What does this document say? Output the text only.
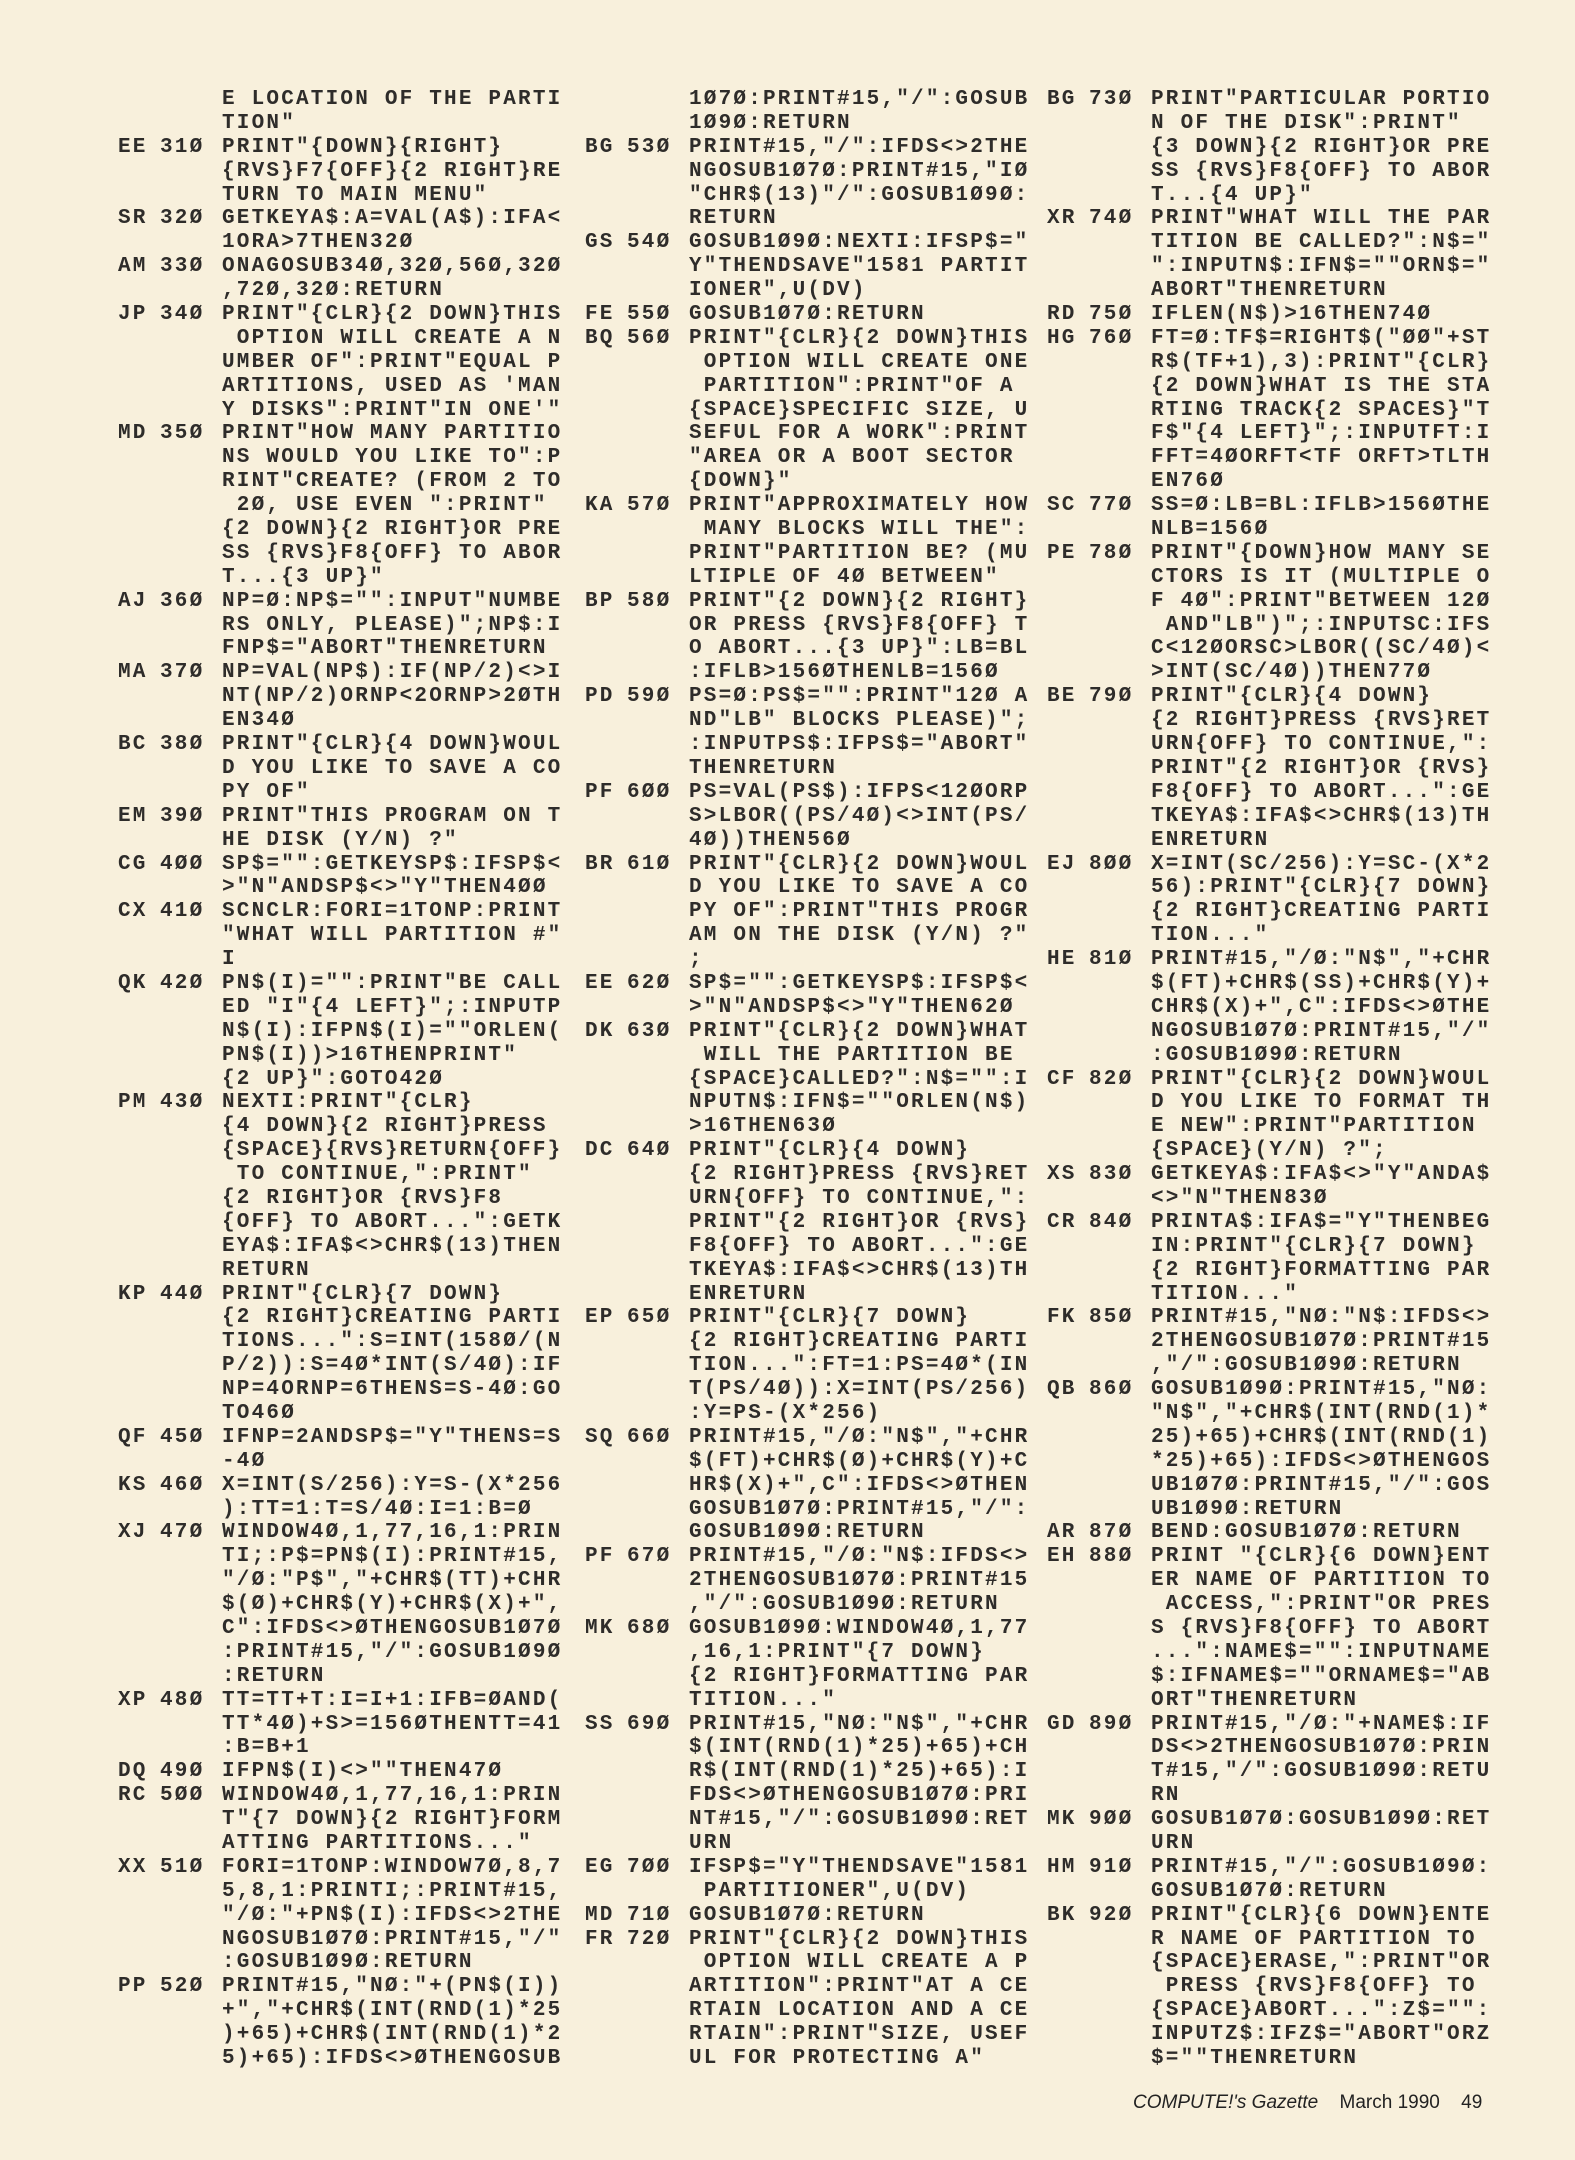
E LOCATION OF THE PARTI
TION"
EE 31Ø PRINT"{DOWN}{RIGHT}
{RVS}F7{OFF}{2 RIGHT}RE
TURN TO MAIN MENU"
SR 32Ø GETKEYA$:A=VAL(A$):IFA<
1ORA>7THEN32Ø
AM 33Ø ONAGOSUB34Ø,32Ø,56Ø,32Ø
,72Ø,32Ø:RETURN
JP 34Ø PRINT"{CLR}{2 DOWN}THIS
OPTION WILL CREATE A N
UMBER OF":PRINT"EQUAL P
ARTITIONS, USED AS 'MAN
Y DISKS":PRINT"IN ONE'"
MD 35Ø PRINT"HOW MANY PARTITIO
NS WOULD YOU LIKE TO":P
RINT"CREATE? (FROM 2 TO
2Ø, USE EVEN ":PRINT"
{2 DOWN}{2 RIGHT}OR PRE
SS {RVS}F8{OFF} TO ABOR
T...{3 UP}"
AJ 36Ø NP=Ø:NP$="":INPUT"NUMBE
RS ONLY, PLEASE)";NP$:I
FNP$="ABORT"THENRETURN
MA 37Ø NP=VAL(NP$):IF(NP/2)<>I
NT(NP/2)ORNP<2ORNP>2ØTH
EN34Ø
BC 38Ø PRINT"{CLR}{4 DOWN}WOUL
D YOU LIKE TO SAVE A CO
PY OF"
EM 39Ø PRINT"THIS PROGRAM ON T
HE DISK (Y/N) ?"
CG 4ØØ SP$="":GETKEYSP$:IFSP$<
>"N"ANDSP$<>"Y"THEN4ØØ
CX 41Ø SCNCLR:FORI=1TONP:PRINT
"WHAT WILL PARTITION #"
I
QK 42Ø PN$(I)="":PRINT"BE CALL
ED "I"{4 LEFT}";:INPUTP
N$(I):IFPN$(I)=""ORLEN(
PN$(I))>16THENPRINT"
{2 UP}":GOTO42Ø
PM 43Ø NEXTI:PRINT"{CLR}
{4 DOWN}{2 RIGHT}PRESS
{SPACE}{RVS}RETURN{OFF}
TO CONTINUE,":PRINT"
{2 RIGHT}OR {RVS}F8
{OFF} TO ABORT...":GETK
EYA$:IFA$<>CHR$(13)THEN
RETURN
KP 44Ø PRINT"{CLR}{7 DOWN}
{2 RIGHT}CREATING PARTI
TIONS...":S=INT(158Ø/(N
P/2)):S=4Ø*INT(S/4Ø):IF
NP=4ORNP=6THENS=S-4Ø:GO
TO46Ø
QF 45Ø IFNP=2ANDSP$="Y"THENS=S
-4Ø
KS 46Ø X=INT(S/256):Y=S-(X*256
):TT=1:T=S/4Ø:I=1:B=Ø
XJ 47Ø WINDOW4Ø,1,77,16,1:PRIN
TI;:P$=PN$(I):PRINT#15,
"/Ø:"P$","+CHR$(TT)+CHR
$(Ø)+CHR$(Y)+CHR$(X)+",
C":IFDS<>ØTHENGOSUB1Ø7Ø
:PRINT#15,"/":GOSUB1Ø9Ø
:RETURN
XP 48Ø TT=TT+T:I=I+1:IFB=ØAND(
TT*4Ø)+S>=156ØTHENTT=41
:B=B+1
DQ 49Ø IFPN$(I)<>""THEN47Ø
RC 5ØØ WINDOW4Ø,1,77,16,1:PRIN
T"{7 DOWN}{2 RIGHT}FORM
ATTING PARTITIONS..."
XX 51Ø FORI=1TONP:WINDOW7Ø,8,7
5,8,1:PRINTI;:PRINT#15,
"/Ø:"+PN$(I):IFDS<>2THE
NGOSUB1Ø7Ø:PRINT#15,"/"
:GOSUB1Ø9Ø:RETURN
PP 52Ø PRINT#15,"NØ:"+(PN$(I))
+","+CHR$(INT(RND(1)*25
)+65)+CHR$(INT(RND(1)*2
5)+65):IFDS<>ØTHENGOSUB
1Ø7Ø:PRINT#15,"/":GOSUB
1Ø9Ø:RETURN
BG 53Ø PRINT#15,"/":IFDS<>2THE
NGOSUB1Ø7Ø:PRINT#15,"IØ
"CHR$(13)"/":GOSUB1Ø9Ø:
RETURN
GS 54Ø GOSUB1Ø9Ø:NEXTI:IFSP$="
Y"THENDSAVE"1581 PARTIT
IONER",U(DV)
FE 55Ø GOSUB1Ø7Ø:RETURN
BQ 56Ø PRINT"{CLR}{2 DOWN}THIS
OPTION WILL CREATE ONE
PARTITION":PRINT"OF A
{SPACE}SPECIFIC SIZE, U
SEFUL FOR A WORK":PRINT
"AREA OR A BOOT SECTOR
{DOWN}"
KA 57Ø PRINT"APPROXIMATELY HOW
MANY BLOCKS WILL THE":
PRINT"PARTITION BE? (MU
LTIPLE OF 4Ø BETWEEN"
BP 58Ø PRINT"{2 DOWN}{2 RIGHT}
OR PRESS {RVS}F8{OFF} T
O ABORT...{3 UP}":LB=BL
:IFLB>156ØTHENLB=156Ø
PD 59Ø PS=Ø:PS$="":PRINT"12Ø A
ND"LB" BLOCKS PLEASE)";
:INPUTPS$:IFPS$="ABORT"
THENRETURN
PF 6ØØ PS=VAL(PS$):IFPS<12ØORP
S>LBOR((PS/4Ø)<>INT(PS/
4Ø))THEN56Ø
BR 61Ø PRINT"{CLR}{2 DOWN}WOUL
D YOU LIKE TO SAVE A CO
PY OF":PRINT"THIS PROGR
AM ON THE DISK (Y/N) ?"
;
EE 62Ø SP$="":GETKEYSP$:IFSP$<
>"N"ANDSP$<>"Y"THEN62Ø
DK 63Ø PRINT"{CLR}{2 DOWN}WHAT
WILL THE PARTITION BE
{SPACE}CALLED?":N$="":I
NPUTN$:IFN$=""ORLEN(N$)
>16THEN63Ø
DC 64Ø PRINT"{CLR}{4 DOWN}
{2 RIGHT}PRESS {RVS}RET
URN{OFF} TO CONTINUE,":
PRINT"{2 RIGHT}OR {RVS}
F8{OFF} TO ABORT...":GE
TKEYA$:IFA$<>CHR$(13)TH
ENRETURN
EP 65Ø PRINT"{CLR}{7 DOWN}
{2 RIGHT}CREATING PARTI
TION...":FT=1:PS=4Ø*(IN
T(PS/4Ø)):X=INT(PS/256)
:Y=PS-(X*256)
SQ 66Ø PRINT#15,"/Ø:"N$","+CHR
$(FT)+CHR$(Ø)+CHR$(Y)+C
HR$(X)+",C":IFDS<>ØTHEN
GOSUB1Ø7Ø:PRINT#15,"/":
GOSUB1Ø9Ø:RETURN
PF 67Ø PRINT#15,"/Ø:"N$:IFDS<>
2THENGOSUB1Ø7Ø:PRINT#15
,"/":GOSUB1Ø9Ø:RETURN
MK 68Ø GOSUB1Ø9Ø:WINDOW4Ø,1,77
,16,1:PRINT"{7 DOWN}
{2 RIGHT}FORMATTING PAR
TITION..."
SS 69Ø PRINT#15,"NØ:"N$","+CHR
$(INT(RND(1)*25)+65)+CH
R$(INT(RND(1)*25)+65):I
FDS<>ØTHENGOSUB1Ø7Ø:PRI
NT#15,"/":GOSUB1Ø9Ø:RET
URN
EG 7ØØ IFSP$="Y"THENDSAVE"1581
PARTITIONER",U(DV)
MD 71Ø GOSUB1Ø7Ø:RETURN
FR 72Ø PRINT"{CLR}{2 DOWN}THIS
OPTION WILL CREATE A P
ARTITION":PRINT"AT A CE
RTAIN LOCATION AND A CE
RTAIN":PRINT"SIZE, USEF
UL FOR PROTECTING A"
BG 73Ø PRINT"PARTICULAR PORTIO
N OF THE DISK":PRINT"
{3 DOWN}{2 RIGHT}OR PRE
SS {RVS}F8{OFF} TO ABOR
T...{4 UP}"
XR 74Ø PRINT"WHAT WILL THE PAR
TITION BE CALLED?":N$="
":INPUTN$:IFN$=""ORN$="
ABORT"THENRETURN
RD 75Ø IFLEN(N$)>16THEN74Ø
HG 76Ø FT=Ø:TF$=RIGHT$("ØØ"+ST
R$(TF+1),3):PRINT"{CLR}
{2 DOWN}WHAT IS THE STA
RTING TRACK{2 SPACES}"T
F$"{4 LEFT}";:INPUTFT:I
FFT=4ØORFT<TF ORFT>TLTH
EN76Ø
SC 77Ø SS=Ø:LB=BL:IFLB>156ØTHE
NLB=156Ø
PE 78Ø PRINT"{DOWN}HOW MANY SE
CTORS IS IT (MULTIPLE O
F 4Ø":PRINT"BETWEEN 12Ø
AND"LB")";:INPUTSC:IFS
C<12ØORSC>LBOR((SC/4Ø)<
>INT(SC/4Ø))THEN77Ø
BE 79Ø PRINT"{CLR}{4 DOWN}
{2 RIGHT}PRESS {RVS}RET
URN{OFF} TO CONTINUE,":
PRINT"{2 RIGHT}OR {RVS}
F8{OFF} TO ABORT...":GE
TKEYA$:IFA$<>CHR$(13)TH
ENRETURN
EJ 8ØØ X=INT(SC/256):Y=SC-(X*2
56):PRINT"{CLR}{7 DOWN}
{2 RIGHT}CREATING PARTI
TION..."
HE 81Ø PRINT#15,"/Ø:"N$","+CHR
$(FT)+CHR$(SS)+CHR$(Y)+
CHR$(X)+",C":IFDS<>ØTHE
NGOSUB1Ø7Ø:PRINT#15,"/"
:GOSUB1Ø9Ø:RETURN
CF 82Ø PRINT"{CLR}{2 DOWN}WOUL
D YOU LIKE TO FORMAT TH
E NEW":PRINT"PARTITION
{SPACE}(Y/N) ?";
XS 83Ø GETKEYA$:IFA$<>"Y"ANDA$
<>"N"THEN83Ø
CR 84Ø PRINTA$:IFA$="Y"THENBEG
IN:PRINT"{CLR}{7 DOWN}
{2 RIGHT}FORMATTING PAR
TITION..."
FK 85Ø PRINT#15,"NØ:"N$:IFDS<>
2THENGOSUB1Ø7Ø:PRINT#15
,"/":GOSUB1Ø9Ø:RETURN
QB 86Ø GOSUB1Ø9Ø:PRINT#15,"NØ:
"N$","+CHR$(INT(RND(1)*
25)+65)+CHR$(INT(RND(1)
*25)+65):IFDS<>ØTHENGOS
UB1Ø7Ø:PRINT#15,"/":GOS
UB1Ø9Ø:RETURN
AR 87Ø BEND:GOSUB1Ø7Ø:RETURN
EH 88Ø PRINT "{CLR}{6 DOWN}ENT
ER NAME OF PARTITION TO
ACCESS,":PRINT"OR PRES
S {RVS}F8{OFF} TO ABORT
...":NAME$="":INPUTNAME
$:IFNAME$=""ORNAME$="AB
ORT"THENRETURN
GD 89Ø PRINT#15,"/Ø:"+NAME$:IF
DS<>2THENGOSUB1Ø7Ø:PRIN
T#15,"/":GOSUB1Ø9Ø:RETU
RN
MK 9ØØ GOSUB1Ø7Ø:GOSUB1Ø9Ø:RET
URN
HM 91Ø PRINT#15,"/":GOSUB1Ø9Ø:
GOSUB1Ø7Ø:RETURN
BK 92Ø PRINT"{CLR}{6 DOWN}ENTE
R NAME OF PARTITION TO
{SPACE}ERASE,":PRINT"OR
PRESS {RVS}F8{OFF} TO
{SPACE}ABORT...":Z$="":
INPUTZ$:IFZ$="ABORT"ORZ
$=""THENRETURN
COMPUTE!'s Gazette March 1990 49
